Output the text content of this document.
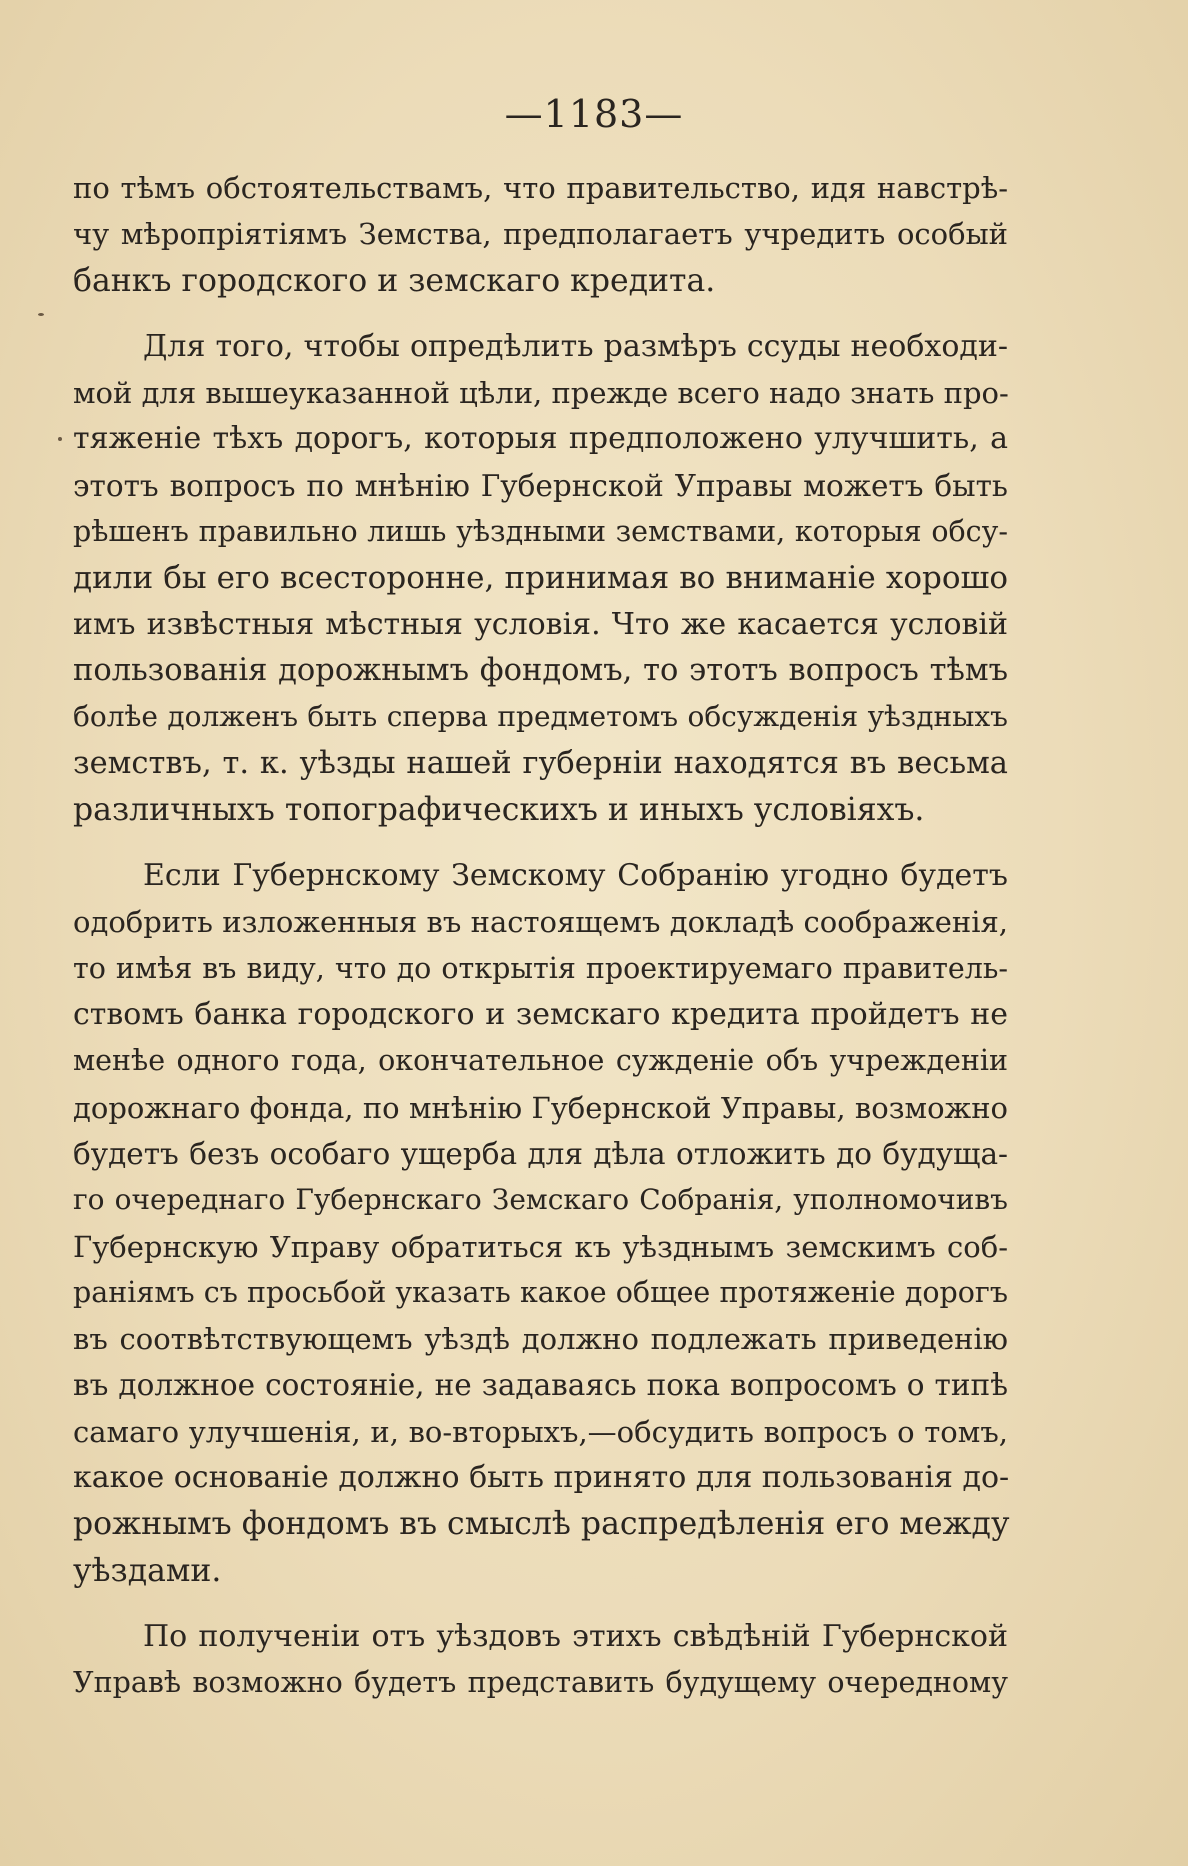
—1183—
по тѣмъ обстоятельствамъ, что правительство, идя навстрѣ-
чу мѣропріятіямъ Земства, предполагаетъ учредить особый
банкъ городского и земскаго кредита.
Для того, чтобы опредѣлить размѣръ ссуды необходи-
мой для вышеуказанной цѣли, прежде всего надо знать про-
тяженіе тѣхъ дорогъ, которыя предположено улучшить, а
этотъ вопросъ по мнѣнію Губернской Управы можетъ быть
рѣшенъ правильно лишь уѣздными земствами, которыя обсу-
дили бы его всесторонне, принимая во вниманіе хорошо
имъ извѣстныя мѣстныя условія. Что же касается условій
пользованія дорожнымъ фондомъ, то этотъ вопросъ тѣмъ
болѣе долженъ быть сперва предметомъ обсужденія уѣздныхъ
земствъ, т. к. уѣзды нашей губерніи находятся въ весьма
различныхъ топографическихъ и иныхъ условіяхъ.
Если Губернскому Земскому Собранію угодно будетъ
одобрить изложенныя въ настоящемъ докладѣ соображенія,
то имѣя въ виду, что до открытія проектируемаго правитель-
ствомъ банка городского и земскаго кредита пройдетъ не
менѣе одного года, окончательное сужденіе объ учрежденіи
дорожнаго фонда, по мнѣнію Губернской Управы, возможно
будетъ безъ особаго ущерба для дѣла отложить до будуща-
го очереднаго Губернскаго Земскаго Собранія, уполномочивъ
Губернскую Управу обратиться къ уѣзднымъ земскимъ соб-
раніямъ съ просьбой указать какое общее протяженіе дорогъ
въ соотвѣтствующемъ уѣздѣ должно подлежать приведенію
въ должное состояніе, не задаваясь пока вопросомъ о типѣ
самаго улучшенія, и, во-вторыхъ,—обсудить вопросъ о томъ,
какое основаніе должно быть принято для пользованія до-
рожнымъ фондомъ въ смыслѣ распредѣленія его между
уѣздами.
По полученіи отъ уѣздовъ этихъ свѣдѣній Губернской
Управѣ возможно будетъ представить будущему очередному
